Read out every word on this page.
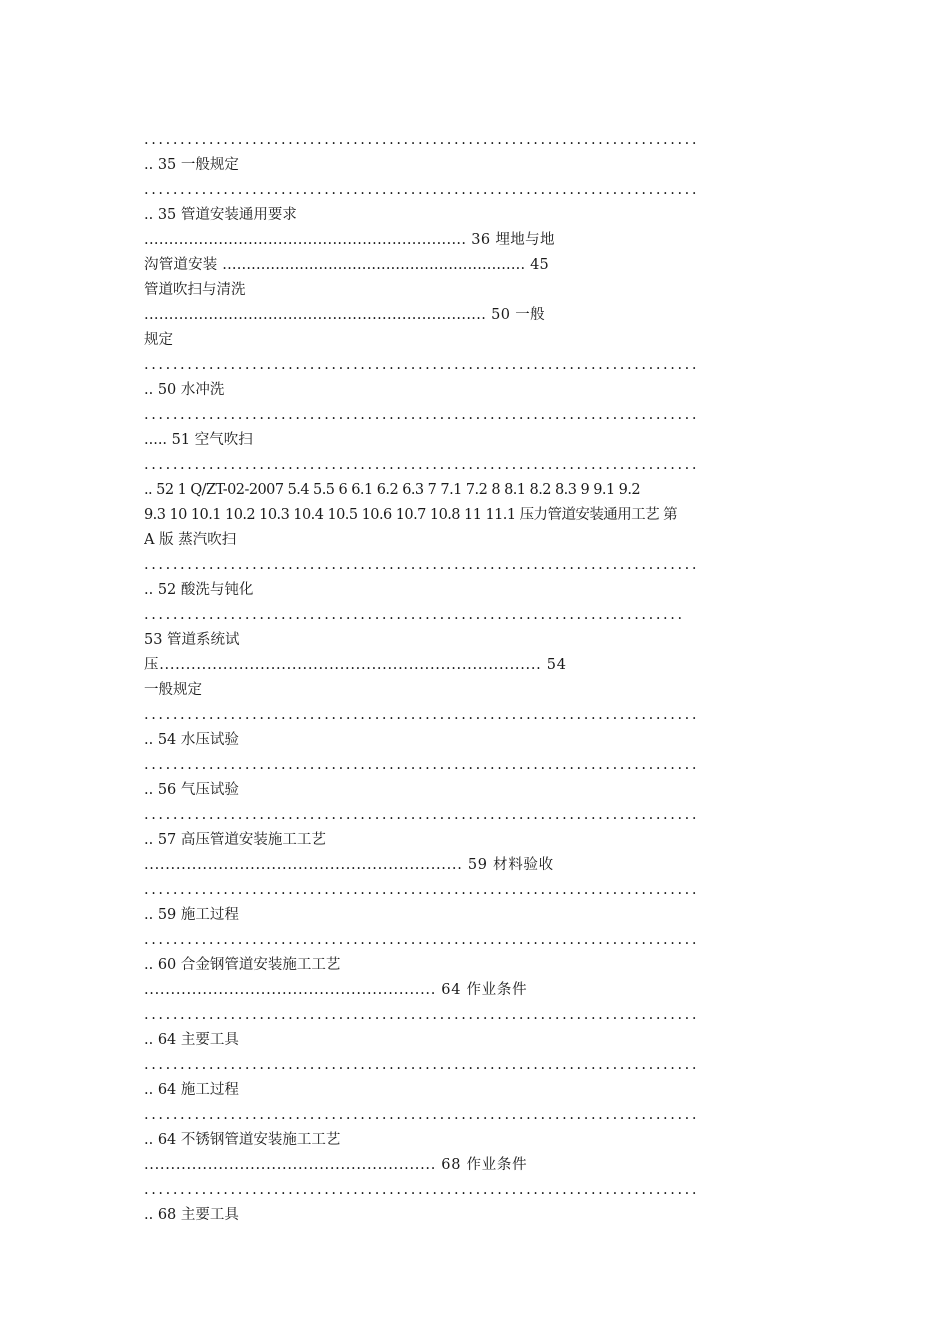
.............................................................................
.. 35 一般规定
.............................................................................
.. 35 管道安装通用要求
................................................................. 36 埋地与地
沟管道安装 ............................................................... 45
管道吹扫与清洗
..................................................................... 50 一般
规定
.............................................................................
.. 50 水冲洗
.............................................................................
..... 51 空气吹扫
.............................................................................
.. 52 1 Q/ZT-02-2007 5.4 5.5 6 6.1 6.2 6.3 7 7.1 7.2 8 8.1 8.2 8.3 9 9.1 9.2
9.3 10 10.1 10.2 10.3 10.4 10.5 10.6 10.7 10.8 11 11.1 压力管道安装通用工艺 第
A 版 蒸汽吹扫
.............................................................................
.. 52 酸洗与钝化
...........................................................................
53 管道系统试
压........................................................................ 54
一般规定
.............................................................................
.. 54 水压试验
.............................................................................
.. 56 气压试验
.............................................................................
.. 57 高压管道安装施工工艺
............................................................ 59 材料验收
.............................................................................
.. 59 施工过程
.............................................................................
.. 60 合金钢管道安装施工工艺
....................................................... 64 作业条件
.............................................................................
.. 64 主要工具
.............................................................................
.. 64 施工过程
.............................................................................
.. 64 不锈钢管道安装施工工艺
....................................................... 68 作业条件
.............................................................................
.. 68 主要工具
